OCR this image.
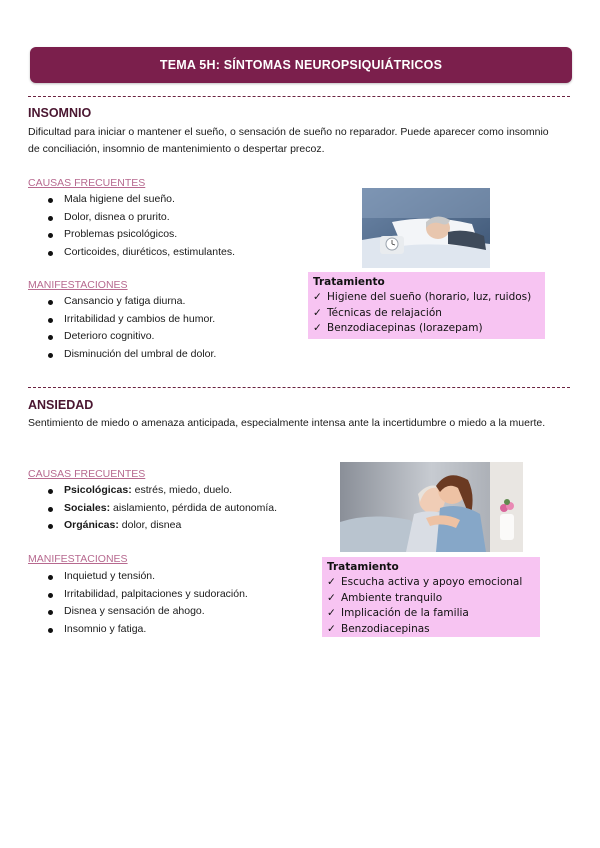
TEMA 5H: SÍNTOMAS NEUROPSIQUIÁTRICOS
INSOMNIO
Dificultad para iniciar o mantener el sueño, o sensación de sueño no reparador. Puede aparecer como insomnio de conciliación, insomnio de mantenimiento o despertar precoz.
CAUSAS FRECUENTES
Mala higiene del sueño.
Dolor, disnea o prurito.
Problemas psicológicos.
Corticoides, diuréticos, estimulantes.
MANIFESTACIONES
Cansancio y fatiga diurna.
Irritabilidad y cambios de humor.
Deterioro cognitivo.
Disminución del umbral de dolor.
Tratamiento
✓ Higiene del sueño (horario, luz, ruidos)
✓ Técnicas de relajación
✓ Benzodiacepinas (lorazepam)
ANSIEDAD
Sentimiento de miedo o amenaza anticipada, especialmente intensa ante la incertidumbre o miedo a la muerte.
CAUSAS FRECUENTES
Psicológicas: estrés, miedo, duelo.
Sociales: aislamiento, pérdida de autonomía.
Orgánicas: dolor, disnea
MANIFESTACIONES
Inquietud y tensión.
Irritabilidad, palpitaciones y sudoración.
Disnea y sensación de ahogo.
Insomnio y fatiga.
Tratamiento
✓ Escucha activa y apoyo emocional
✓ Ambiente tranquilo
✓ Implicación de la familia
✓ Benzodiacepinas
